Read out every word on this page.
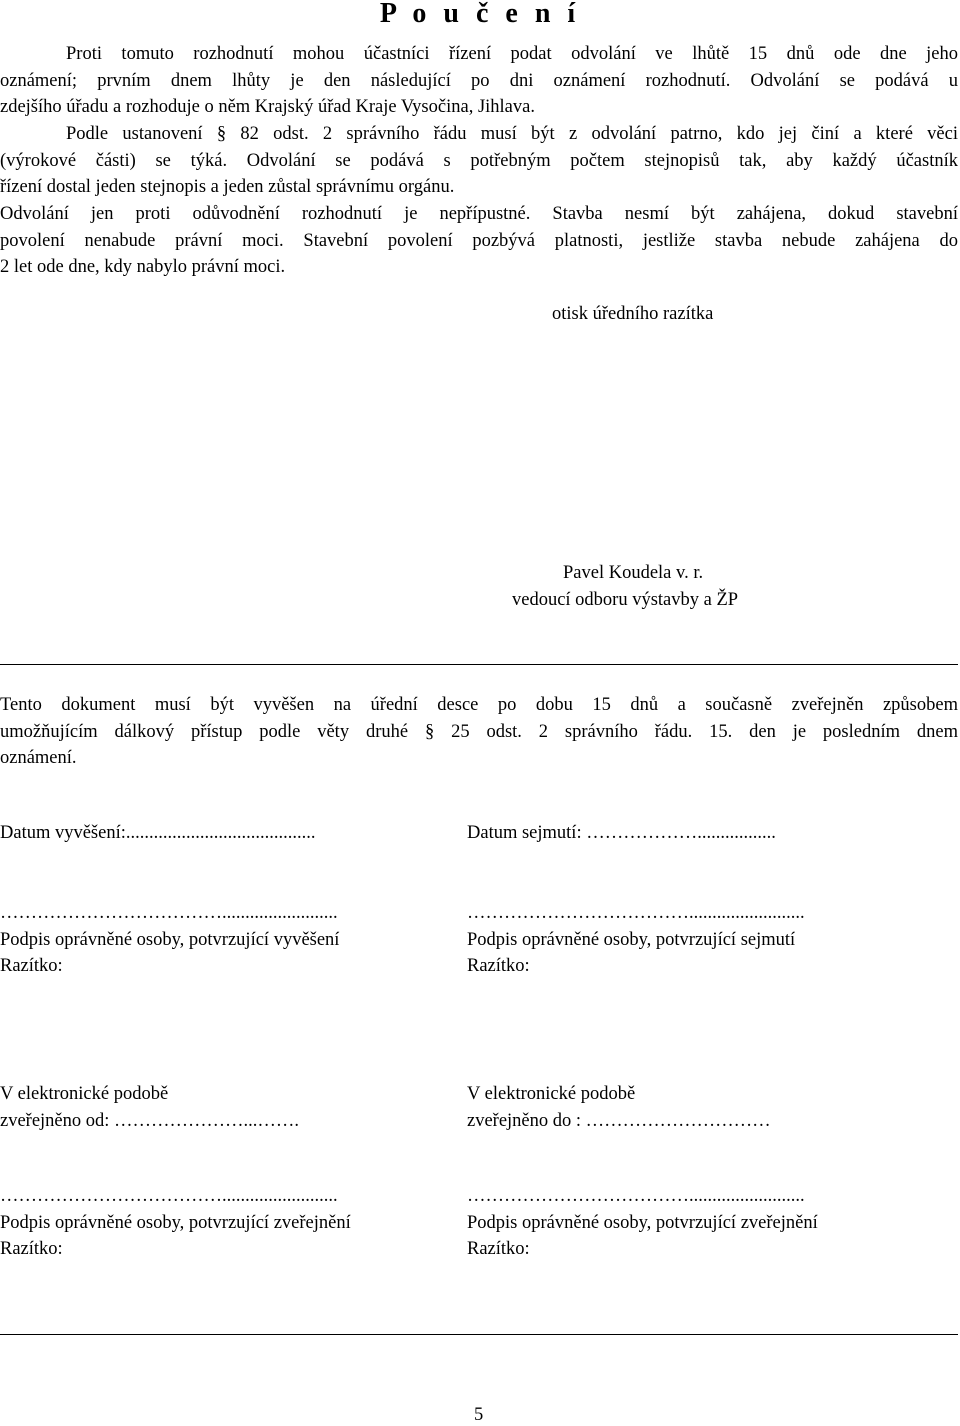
P o u č e n í
Proti tomuto rozhodnutí mohou účastníci řízení podat odvolání ve lhůtě 15 dnů ode dne jeho
oznámení; prvním dnem lhůty je den následující po dni oznámení rozhodnutí. Odvolání se podává u
zdejšího úřadu a rozhoduje o něm Krajský úřad Kraje Vysočina, Jihlava.
Podle ustanovení § 82 odst. 2 správního řádu musí být z odvolání patrno, kdo jej činí a které věci
(výrokové části) se týká. Odvolání se podává s potřebným počtem stejnopisů tak, aby každý účastník
řízení dostal jeden stejnopis a jeden zůstal správnímu orgánu.
Odvolání jen proti odůvodnění rozhodnutí je nepřípustné. Stavba nesmí být zahájena, dokud stavební
povolení nenabude právní moci. Stavební povolení pozbývá platnosti, jestliže stavba nebude zahájena do
2 let ode dne, kdy nabylo právní moci.
otisk úředního razítka
Pavel Koudela v. r.
vedoucí odboru výstavby a ŽP
Tento dokument musí být vyvěšen na úřední desce po dobu 15 dnů a současně zveřejněn způsobem
umožňujícím dálkový přístup podle věty druhé § 25 odst. 2 správního řádu. 15. den je posledním dnem
oznámení.
Datum vyvěšení:.........................................	Datum sejmutí: ……………….................
……………………………….........................
Podpis oprávněné osoby, potvrzující vyvěšení
Razítko:
……………………………….........................
Podpis oprávněné osoby, potvrzující sejmutí
Razítko:
V elektronické podobě
zveřejněno od: …………………...…….
V elektronické podobě
zveřejněno do : …………………………
……………………………….........................
Podpis oprávněné osoby, potvrzující zveřejnění
Razítko:
……………………………….........................
Podpis oprávněné osoby, potvrzující zveřejnění
Razítko:
5
